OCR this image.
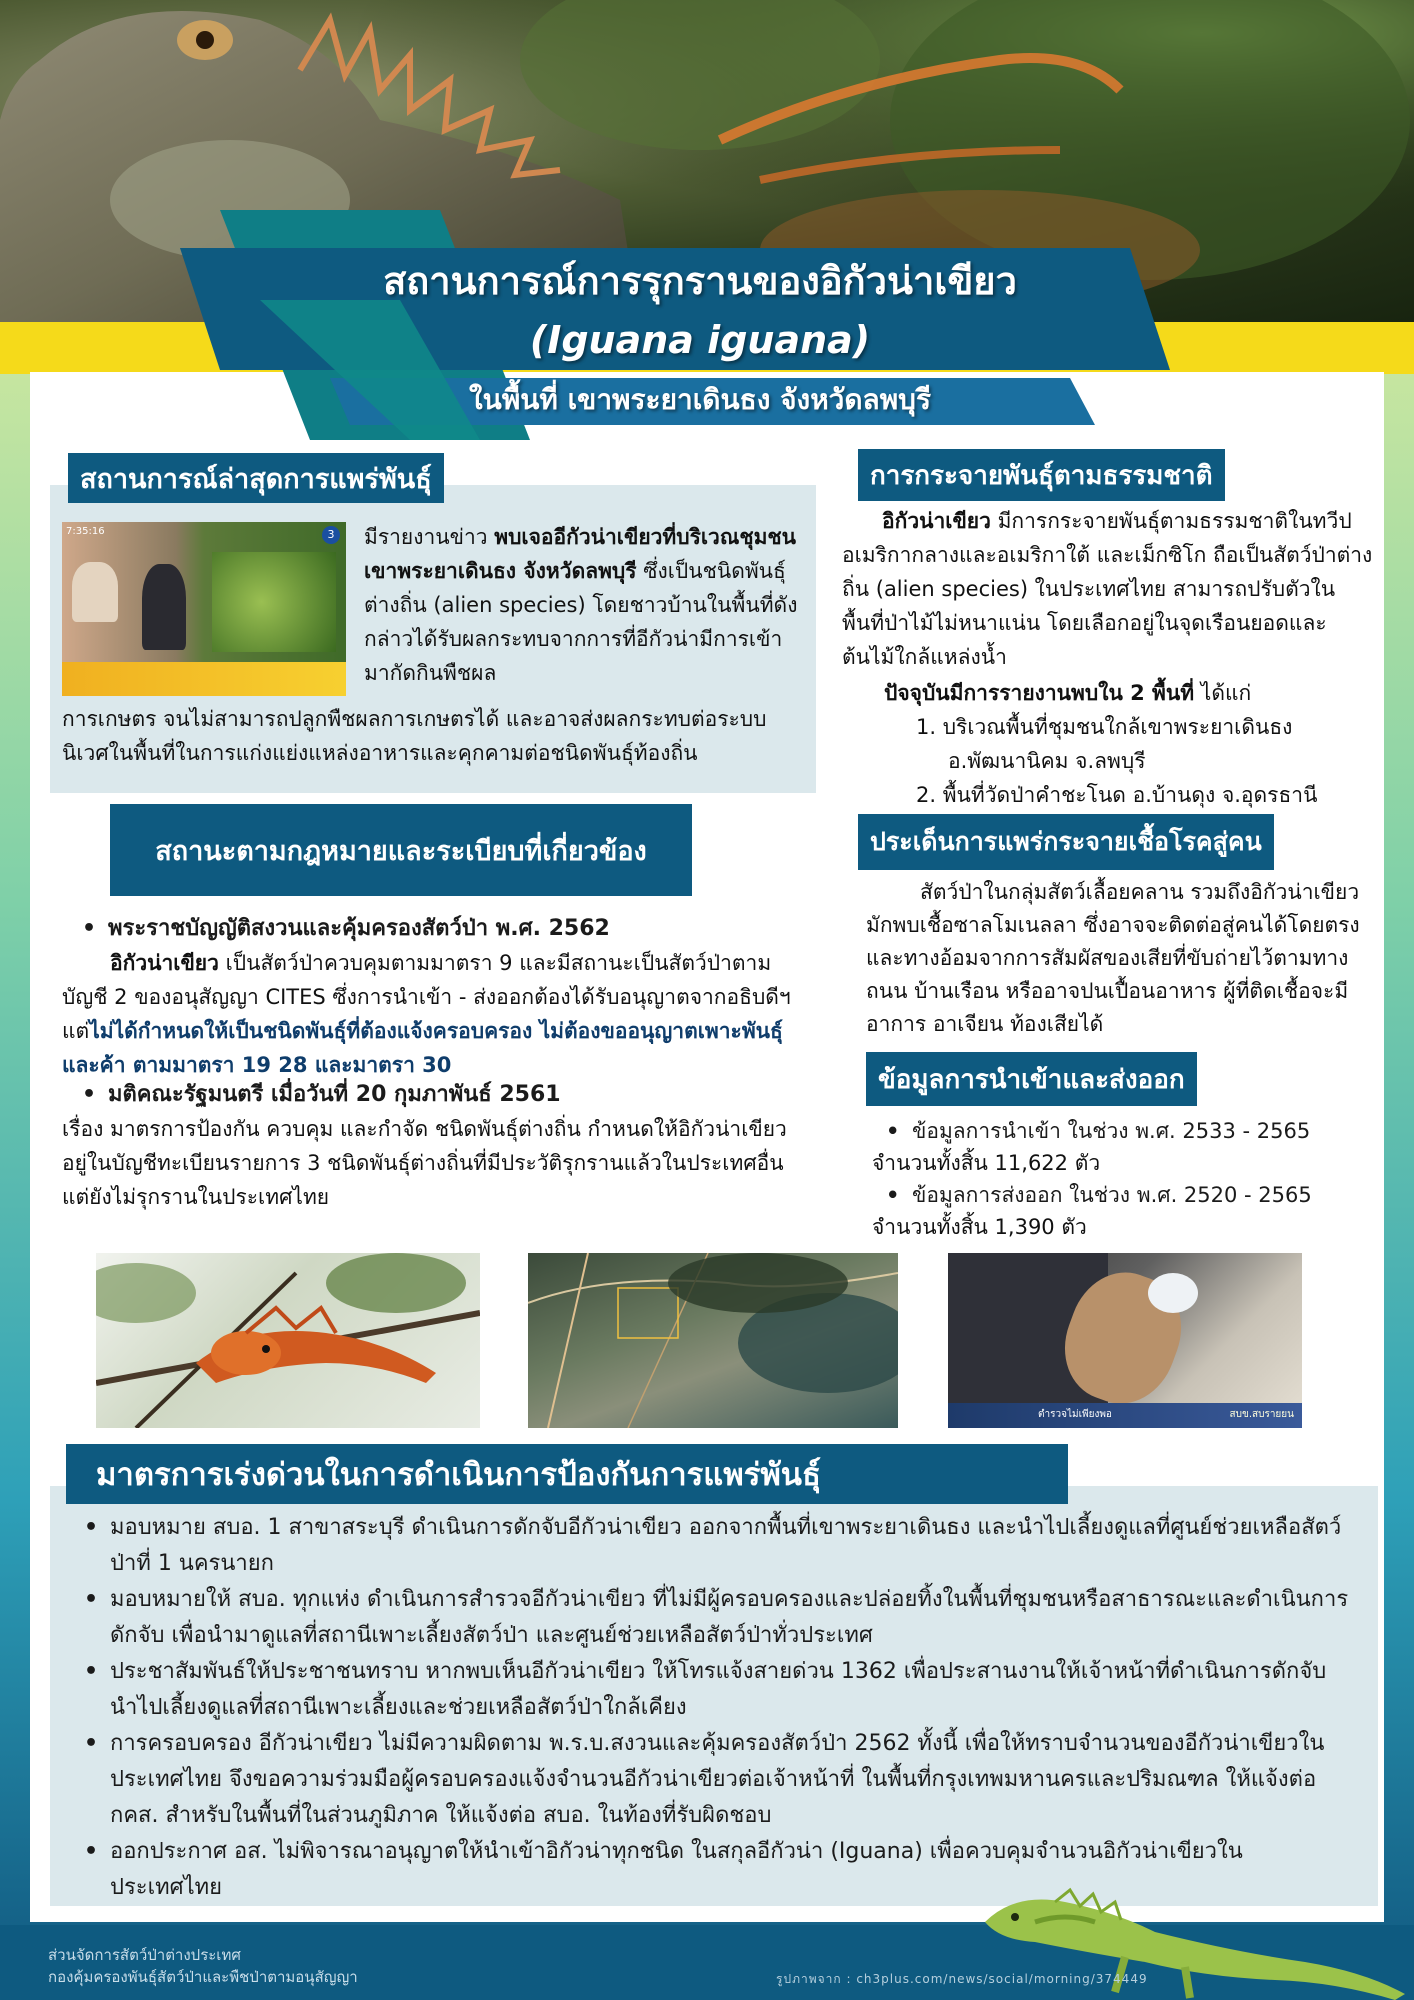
สถานการณ์การรุกรานของอิกัวน่าเขียว
(Iguana iguana)
ในพื้นที่ เขาพระยาเดินธง จังหวัดลพบุรี
สถานการณ์ล่าสุดการแพร่พันธุ์
7:35:16	3 มีรายงานข่าว พบเจออีกัวน่าเขียวที่บริเวณชุมชนเขาพระยาเดินธง จังหวัดลพบุรี ซึ่งเป็นชนิดพันธุ์ต่างถิ่น (alien species) โดยชาวบ้านในพื้นที่ดังกล่าวได้รับผลกระทบจากการที่อีกัวน่ามีการเข้ามากัดกินพืชผล
การเกษตร จนไม่สามารถปลูกพืชผลการเกษตรได้ และอาจส่งผลกระทบต่อระบบนิเวศในพื้นที่ในการแก่งแย่งแหล่งอาหารและคุกคามต่อชนิดพันธุ์ท้องถิ่น
สถานะตามกฎหมายและระเบียบที่เกี่ยวข้อง
• พระราชบัญญัติสงวนและคุ้มครองสัตว์ป่า พ.ศ. 2562
อิกัวน่าเขียว เป็นสัตว์ป่าควบคุมตามมาตรา 9 และมีสถานะเป็นสัตว์ป่าตามบัญชี 2 ของอนุสัญญา CITES ซึ่งการนำเข้า - ส่งออกต้องได้รับอนุญาตจากอธิบดีฯ แต่ไม่ได้กำหนดให้เป็นชนิดพันธุ์ที่ต้องแจ้งครอบครอง ไม่ต้องขออนุญาตเพาะพันธุ์และค้า ตามมาตรา 19 28 และมาตรา 30
• มติคณะรัฐมนตรี เมื่อวันที่ 20 กุมภาพันธ์ 2561
เรื่อง มาตรการป้องกัน ควบคุม และกำจัด ชนิดพันธุ์ต่างถิ่น กำหนดให้อิกัวน่าเขียวอยู่ในบัญชีทะเบียนรายการ 3 ชนิดพันธุ์ต่างถิ่นที่มีประวัติรุกรานแล้วในประเทศอื่นแต่ยังไม่รุกรานในประเทศไทย
การกระจายพันธุ์ตามธรรมชาติ
อิกัวน่าเขียว มีการกระจายพันธุ์ตามธรรมชาติในทวีปอเมริกากลางและอเมริกาใต้ และเม็กซิโก ถือเป็นสัตว์ป่าต่างถิ่น (alien species) ในประเทศไทย สามารถปรับตัวในพื้นที่ป่าไม้ไม่หนาแน่น โดยเลือกอยู่ในจุดเรือนยอดและต้นไม้ใกล้แหล่งน้ำ
ปัจจุบันมีการรายงานพบใน 2 พื้นที่ ได้แก่
1. บริเวณพื้นที่ชุมชนใกล้เขาพระยาเดินธง
อ.พัฒนานิคม จ.ลพบุรี
2. พื้นที่วัดป่าคำชะโนด อ.บ้านดุง จ.อุดรธานี
ประเด็นการแพร่กระจายเชื้อโรคสู่คน
สัตว์ป่าในกลุ่มสัตว์เลื้อยคลาน รวมถึงอิกัวน่าเขียวมักพบเชื้อซาลโมเนลลา ซึ่งอาจจะติดต่อสู่คนได้โดยตรงและทางอ้อมจากการสัมผัสของเสียที่ขับถ่ายไว้ตามทางถนน บ้านเรือน หรืออาจปนเปื้อนอาหาร ผู้ที่ติดเชื้อจะมีอาการ อาเจียน ท้องเสียได้
ข้อมูลการนำเข้าและส่งออก
• ข้อมูลการนำเข้า ในช่วง พ.ศ. 2533 - 2565
จำนวนทั้งสิ้น 11,622 ตัว
• ข้อมูลการส่งออก ในช่วง พ.ศ. 2520 - 2565
จำนวนทั้งสิ้น 1,390 ตัว
ตำรวจไม่เพียงพอ	สบข.สบรายยน
มาตรการเร่งด่วนในการดำเนินการป้องกันการแพร่พันธุ์
• มอบหมาย สบอ. 1 สาขาสระบุรี ดำเนินการดักจับอีกัวน่าเขียว ออกจากพื้นที่เขาพระยาเดินธง และนำไปเลี้ยงดูแลที่ศูนย์ช่วยเหลือสัตว์ป่าที่ 1 นครนายก
• มอบหมายให้ สบอ. ทุกแห่ง ดำเนินการสำรวจอีกัวน่าเขียว ที่ไม่มีผู้ครอบครองและปล่อยทิ้งในพื้นที่ชุมชนหรือสาธารณะและดำเนินการดักจับ เพื่อนำมาดูแลที่สถานีเพาะเลี้ยงสัตว์ป่า และศูนย์ช่วยเหลือสัตว์ป่าทั่วประเทศ
• ประชาสัมพันธ์ให้ประชาชนทราบ หากพบเห็นอีกัวน่าเขียว ให้โทรแจ้งสายด่วน 1362 เพื่อประสานงานให้เจ้าหน้าที่ดำเนินการดักจับ นำไปเลี้ยงดูแลที่สถานีเพาะเลี้ยงและช่วยเหลือสัตว์ป่าใกล้เคียง
• การครอบครอง อีกัวน่าเขียว ไม่มีความผิดตาม พ.ร.บ.สงวนและคุ้มครองสัตว์ป่า 2562 ทั้งนี้ เพื่อให้ทราบจำนวนของอีกัวน่าเขียวในประเทศไทย จึงขอความร่วมมือผู้ครอบครองแจ้งจำนวนอีกัวน่าเขียวต่อเจ้าหน้าที่ ในพื้นที่กรุงเทพมหานครและปริมณฑล ให้แจ้งต่อ กคส. สำหรับในพื้นที่ในส่วนภูมิภาค ให้แจ้งต่อ สบอ. ในท้องที่รับผิดชอบ
• ออกประกาศ อส. ไม่พิจารณาอนุญาตให้นำเข้าอิกัวน่าทุกชนิด ในสกุลอีกัวน่า (Iguana) เพื่อควบคุมจำนวนอิกัวน่าเขียวในประเทศไทย
ส่วนจัดการสัตว์ป่าต่างประเทศ
กองคุ้มครองพันธุ์สัตว์ป่าและพืชป่าตามอนุสัญญา	รูปภาพจาก : ch3plus.com/news/social/morning/374449
